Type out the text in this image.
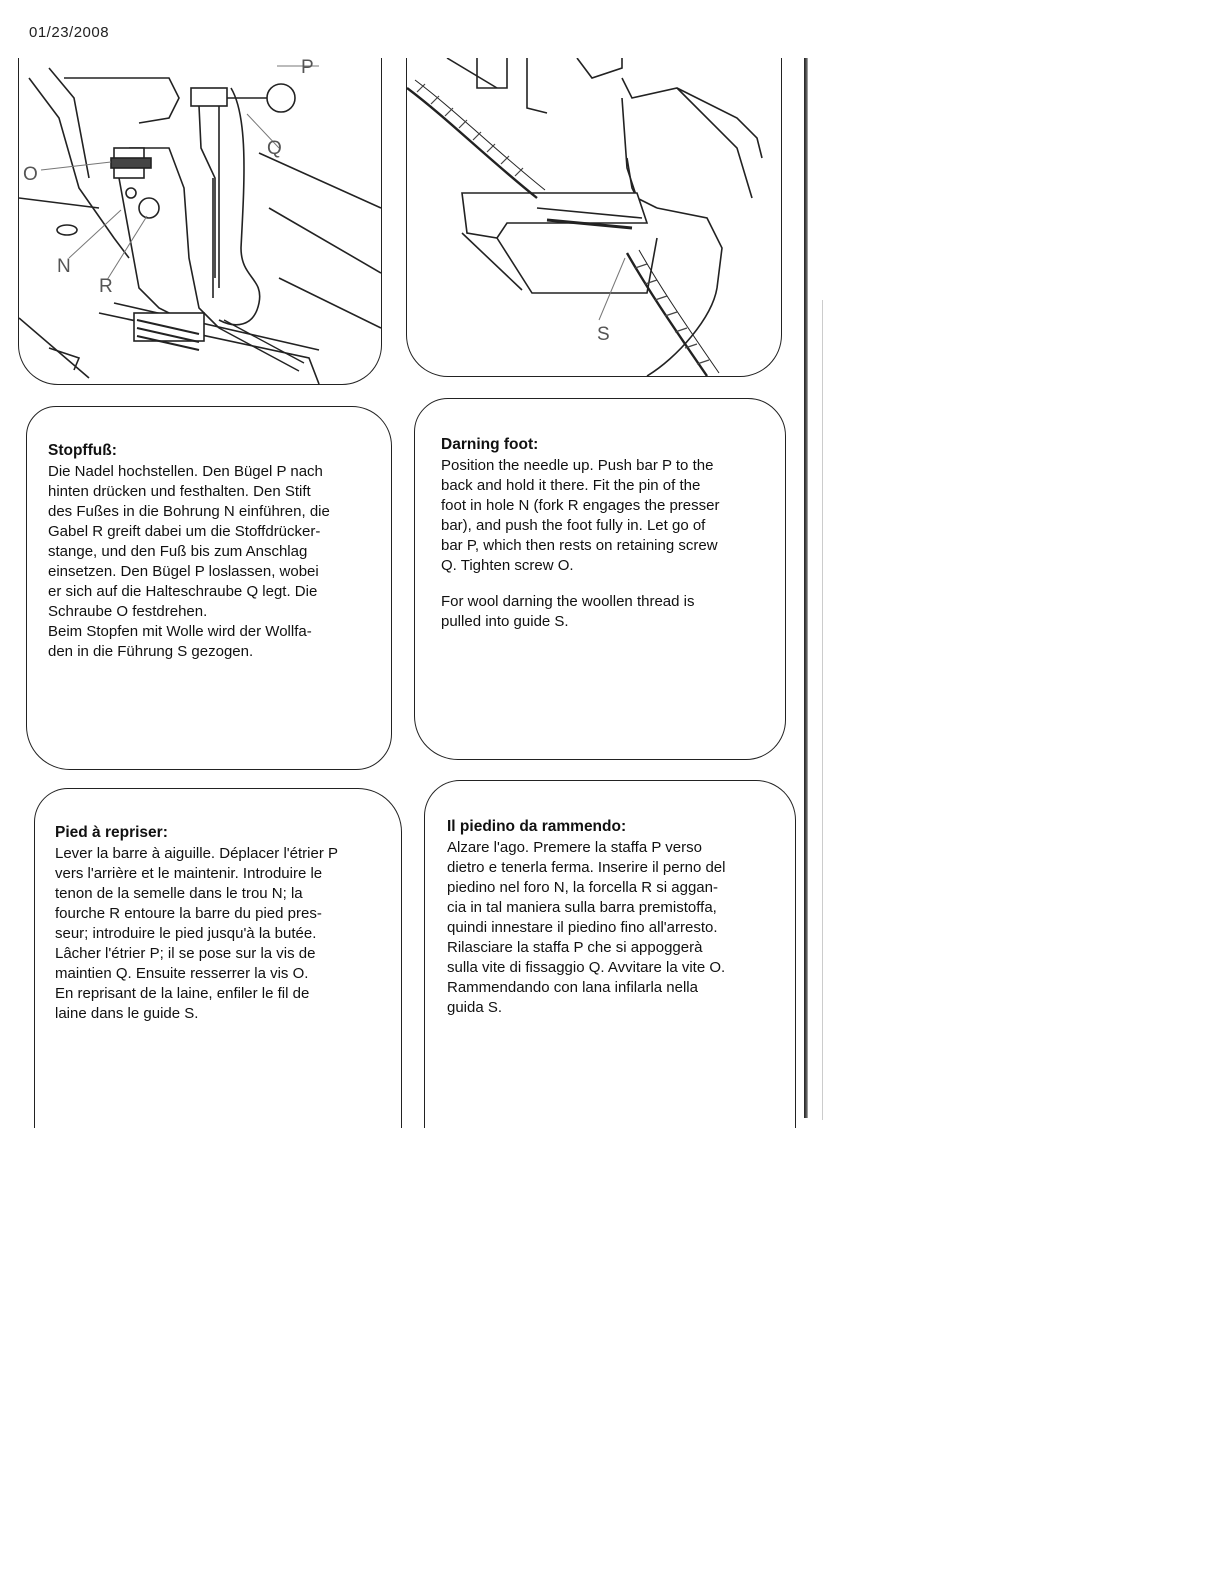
01/23/2008
P
Q
O
N
R
S

Stopffuß:

Die Nadel hochstellen. Den Bügel P nach
hinten drücken und festhalten. Den Stift
des Fußes in die Bohrung N einführen, die
Gabel R greift dabei um die Stoffdrücker-
stange, und den Fuß bis zum Anschlag
einsetzen. Den Bügel P loslassen, wobei
er sich auf die Halteschraube Q legt. Die
Schraube O festdrehen.
Beim Stopfen mit Wolle wird der Wollfa-
den in die Führung S gezogen.

Darning foot:

Position the needle up. Push bar P to the
back and hold it there. Fit the pin of the
foot in hole N (fork R engages the presser
bar), and push the foot fully in. Let go of
bar P, which then rests on retaining screw
Q. Tighten screw O.

For wool darning the woollen thread is
pulled into guide S.

Pied à repriser:

Lever la barre à aiguille. Déplacer l'étrier P
vers l'arrière et le maintenir. Introduire le
tenon de la semelle dans le trou N; la
fourche R entoure la barre du pied pres-
seur; introduire le pied jusqu'à la butée.
Lâcher l'étrier P; il se pose sur la vis de
maintien Q. Ensuite resserrer la vis O.
En reprisant de la laine, enfiler le fil de
laine dans le guide S.

Il piedino da rammendo:

Alzare l'ago. Premere la staffa P verso
dietro e tenerla ferma. Inserire il perno del
piedino nel foro N, la forcella R si aggan-
cia in tal maniera sulla barra premistoffa,
quindi innestare il piedino fino all'arresto.
Rilasciare la staffa P che si appoggerà
sulla vite di fissaggio Q. Avvitare la vite O.
Rammendando con lana infilarla nella
guida S.
